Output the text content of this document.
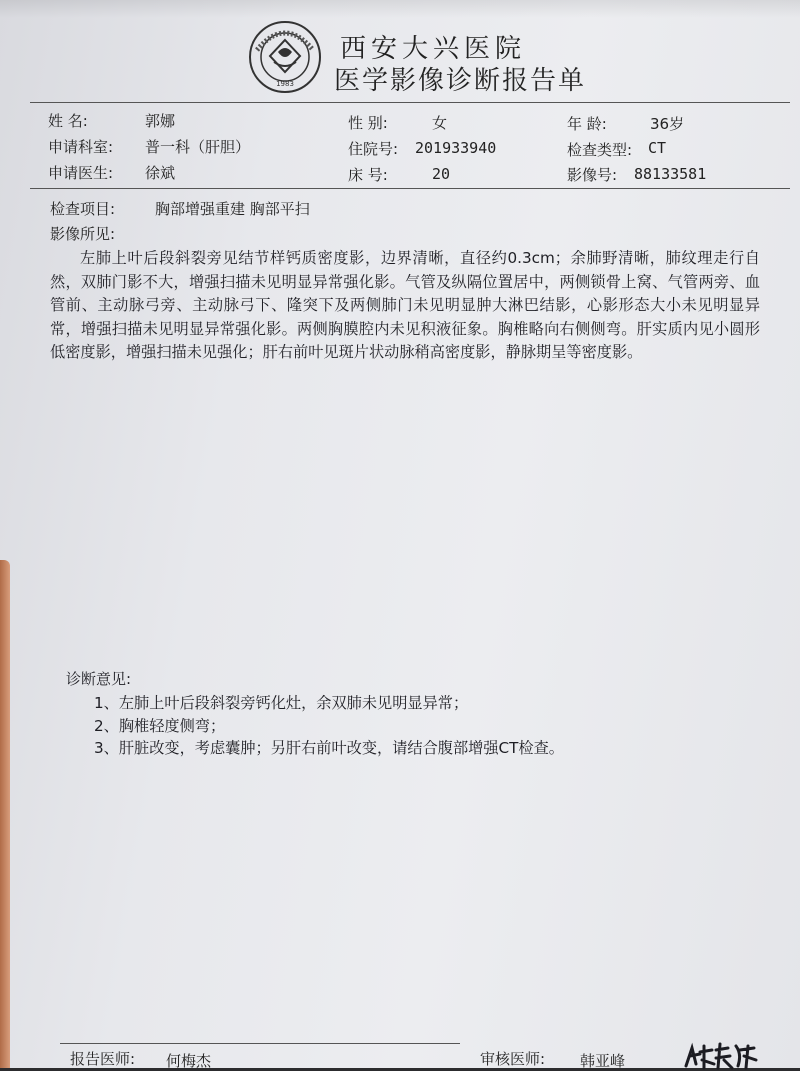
1983
西安大兴医院
医学影像诊断报告单
姓 名:	郭娜	性 别:	女	年 龄:	36岁
申请科室: 普一科（肝胆）	住院号: 201933940	检查类型: CT
申请医生: 徐斌	床 号:	20	影像号: 88133581
检查项目:	胸部增强重建 胸部平扫
影像所见:
左肺上叶后段斜裂旁见结节样钙质密度影，边界清晰，直径约0.3cm；余肺野清晰，肺纹理走行自然，双肺门影不大，增强扫描未见明显异常强化影。气管及纵隔位置居中，两侧锁骨上窝、气管两旁、血管前、主动脉弓旁、主动脉弓下、隆突下及两侧肺门未见明显肿大淋巴结影，心影形态大小未见明显异常，增强扫描未见明显异常强化影。两侧胸膜腔内未见积液征象。胸椎略向右侧侧弯。肝实质内见小圆形低密度影，增强扫描未见强化；肝右前叶见斑片状动脉稍高密度影，静脉期呈等密度影。
诊断意见:
1、左肺上叶后段斜裂旁钙化灶，余双肺未见明显异常；
2、胸椎轻度侧弯；
3、肝脏改变，考虑囊肿；另肝右前叶改变，请结合腹部增强CT检查。
报告医师: 何梅杰	审核医师: 韩亚峰
